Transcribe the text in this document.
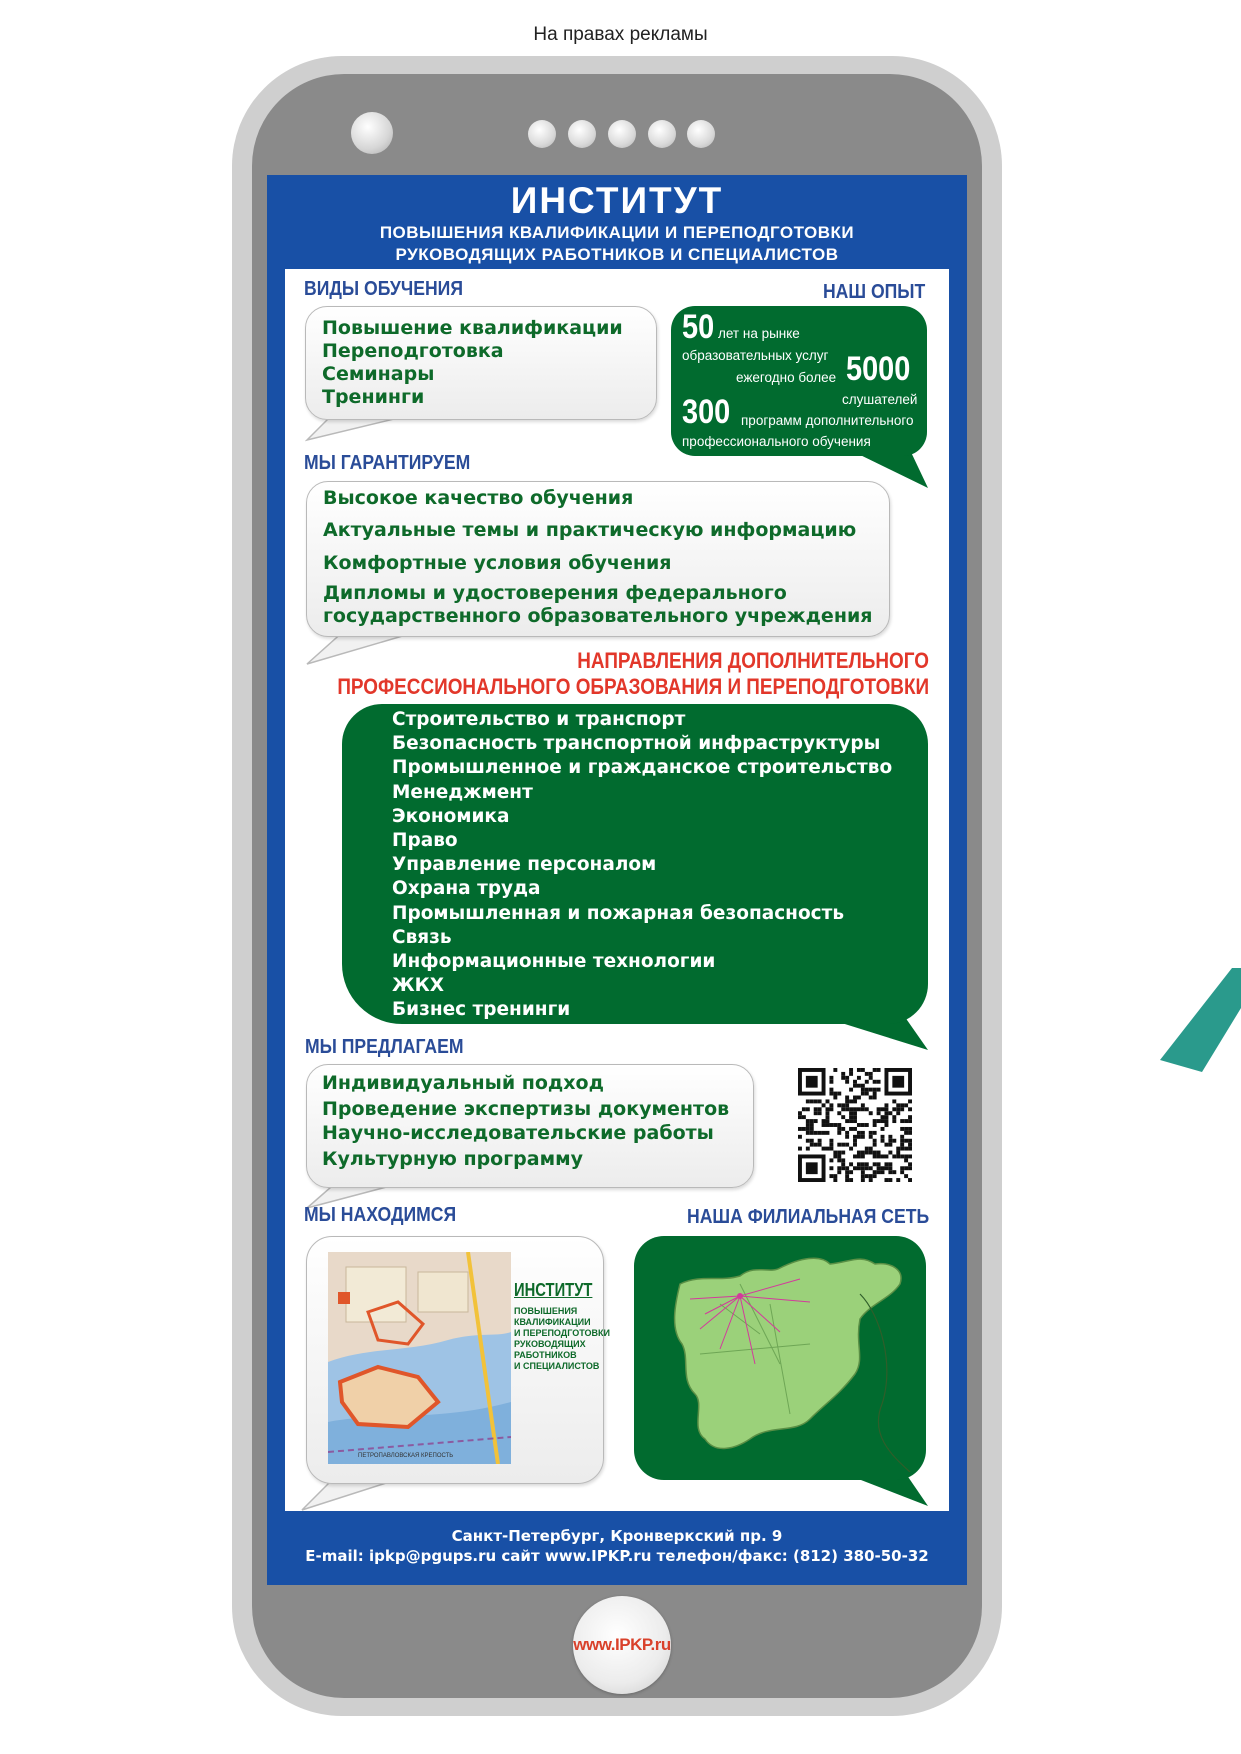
На правах рекламы
ИНСТИТУТ
ПОВЫШЕНИЯ КВАЛИФИКАЦИИ И ПЕРЕПОДГОТОВКИ
РУКОВОДЯЩИХ РАБОТНИКОВ И СПЕЦИАЛИСТОВ
ВИДЫ ОБУЧЕНИЯ
Повышение квалификации
Переподготовка
Семинары
Тренинги
НАШ ОПЫТ
50 лет на рынке
образовательных услуг
ежегодно более 5000
слушателей
300 программ дополнительного
профессионального обучения
МЫ ГАРАНТИРУЕМ
Высокое качество обучения
Актуальные темы и практическую информацию
Комфортные условия обучения
Дипломы и удостоверения федерального
государственного образовательного учреждения
НАПРАВЛЕНИЯ ДОПОЛНИТЕЛЬНОГО
ПРОФЕССИОНАЛЬНОГО ОБРАЗОВАНИЯ И ПЕРЕПОДГОТОВКИ
Строительство и транспорт
Безопасность транспортной инфраструктуры
Промышленное и гражданское строительство
Менеджмент
Экономика
Право
Управление персоналом
Охрана труда
Промышленная и пожарная безопасность
Связь
Информационные технологии
ЖКХ
Бизнес тренинги
МЫ ПРЕДЛАГАЕМ
Индивидуальный подход
Проведение экспертизы документов
Научно-исследовательские работы
Культурную программу
МЫ НАХОДИМСЯ
ПЕТРОПАВЛОВСКАЯ КРЕПОСТЬ
ИНСТИТУТ
ПОВЫШЕНИЯ
КВАЛИФИКАЦИИ
И ПЕРЕПОДГОТОВКИ
РУКОВОДЯЩИХ
РАБОТНИКОВ
И СПЕЦИАЛИСТОВ
НАША ФИЛИАЛЬНАЯ СЕТЬ
Санкт-Петербург, Кронверкский пр. 9
E-mail: ipkp@pgups.ru сайт www.IPKP.ru телефон/факс: (812) 380-50-32
www.IPKP.ru
